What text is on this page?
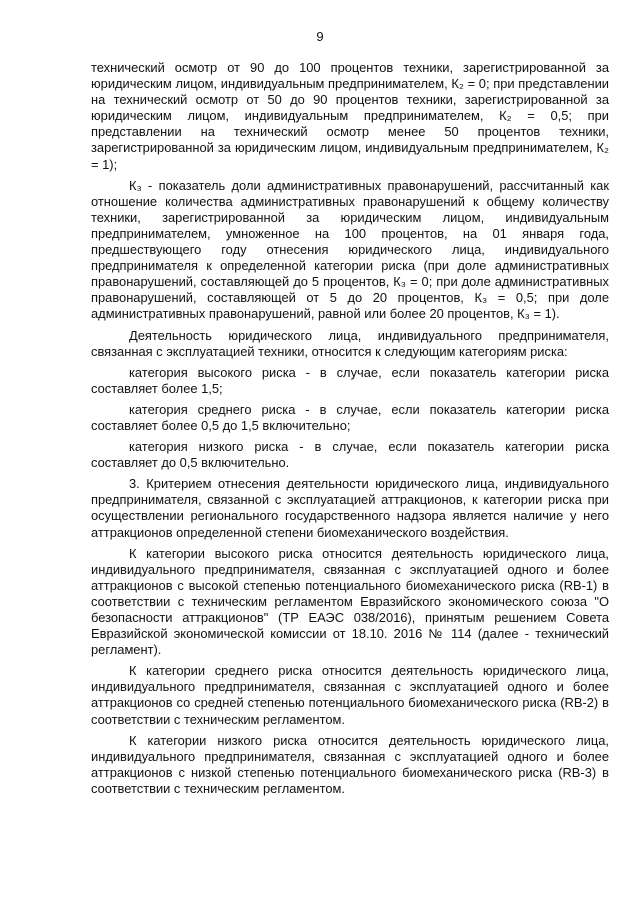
9

технический осмотр от 90 до 100 процентов техники, зарегистрированной за юридическим лицом, индивидуальным предпринимателем, К₂ = 0; при представлении на технический осмотр от 50 до 90 процентов техники, зарегистрированной за юридическим лицом, индивидуальным предпринимателем, К₂ = 0,5; при представлении на технический осмотр менее 50 процентов техники, зарегистрированной за юридическим лицом, индивидуальным предпринимателем, К₂ = 1);

К₃ - показатель доли административных правонарушений, рассчитанный как отношение количества административных правонарушений к общему количеству техники, зарегистрированной за юридическим лицом, индивидуальным предпринимателем, умноженное на 100 процентов, на 01 января года, предшествующего году отнесения юридического лица, индивидуального предпринимателя к определенной категории риска (при доле административных правонарушений, составляющей до 5 процентов, К₃ = 0; при доле административных правонарушений, составляющей от 5 до 20 процентов, К₃ = 0,5; при доле административных правонарушений, равной или более 20 процентов, К₃ = 1).

Деятельность юридического лица, индивидуального предпринимателя, связанная с эксплуатацией техники, относится к следующим категориям риска:

категория высокого риска - в случае, если показатель категории риска составляет более 1,5;

категория среднего риска - в случае, если показатель категории риска составляет более 0,5 до 1,5 включительно;

категория низкого риска - в случае, если показатель категории риска составляет до 0,5 включительно.

3. Критерием отнесения деятельности юридического лица, индивидуального предпринимателя, связанной с эксплуатацией аттракционов, к категории риска при осуществлении регионального государственного надзора является наличие у него аттракционов определенной степени биомеханического воздействия.

К категории высокого риска относится деятельность юридического лица, индивидуального предпринимателя, связанная с эксплуатацией одного и более аттракционов с высокой степенью потенциального биомеханического риска (RB-1) в соответствии с техническим регламентом Евразийского экономического союза "О безопасности аттракционов" (ТР ЕАЭС 038/2016), принятым решением Совета Евразийской экономической комиссии от 18.10. 2016 № 114 (далее - технический регламент).

К категории среднего риска относится деятельность юридического лица, индивидуального предпринимателя, связанная с эксплуатацией одного и более аттракционов со средней степенью потенциального биомеханического риска (RB-2) в соответствии с техническим регламентом.

К категории низкого риска относится деятельность юридического лица, индивидуального предпринимателя, связанная с эксплуатацией одного и более аттракционов с низкой степенью потенциального биомеханического риска (RB-3) в соответствии с техническим регламентом.
